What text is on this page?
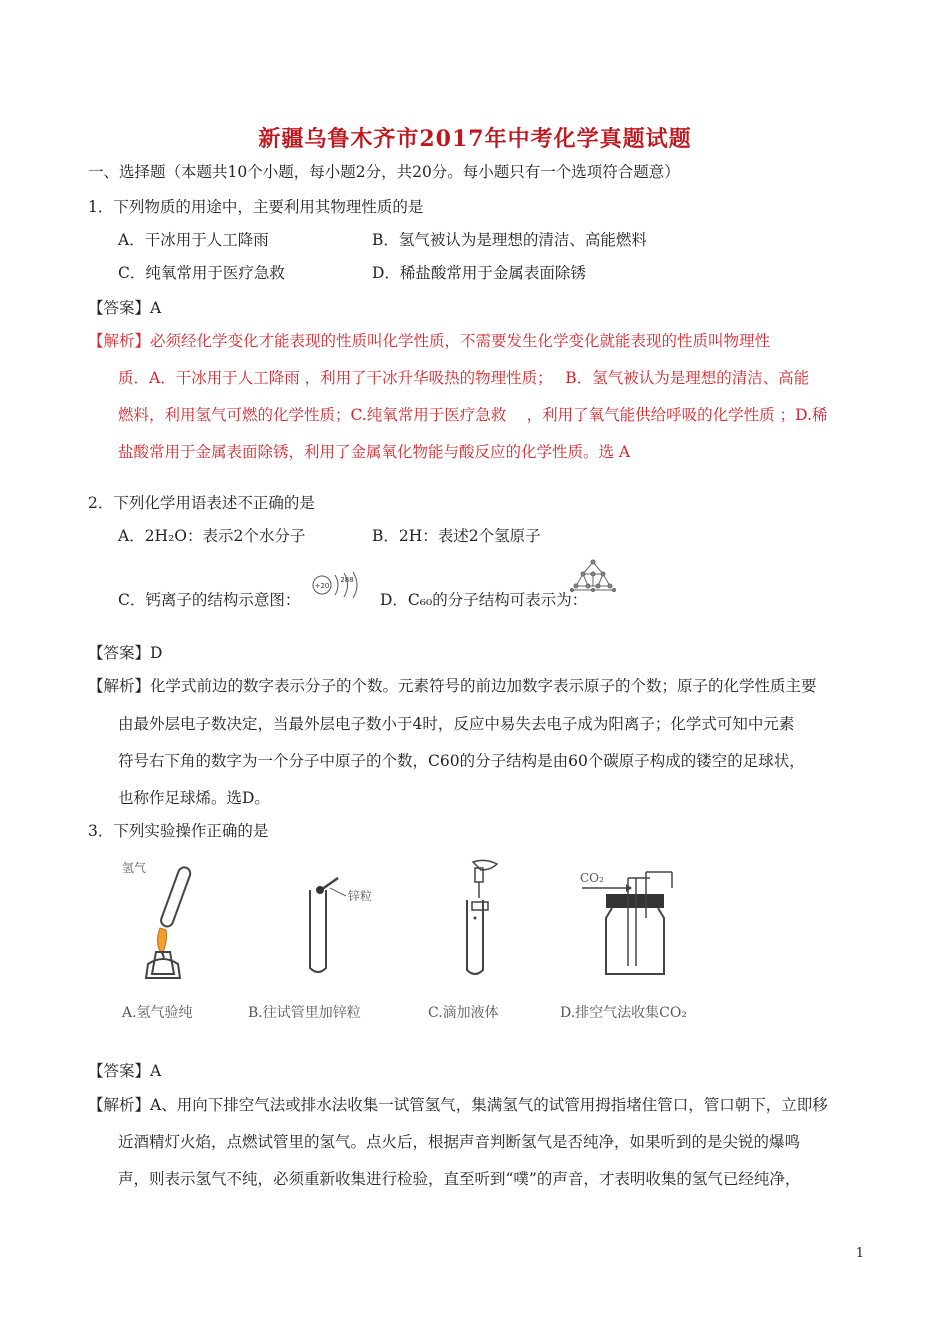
新疆乌鲁木齐市2017年中考化学真题试题
一、选择题（本题共10个小题，每小题2分，共20分。每小题只有一个选项符合题意）
1．下列物质的用途中，主要利用其物理性质的是
A．干冰用于人工降雨	B．氢气被认为是理想的清洁、高能燃料
C．纯氧常用于医疗急救	D．稀盐酸常用于金属表面除锈
【答案】A
【解析】必须经化学变化才能表现的性质叫化学性质，不需要发生化学变化就能表现的性质叫物理性
质．A．干冰用于人工降雨 ，利用了干冰升华吸热的物理性质；　 B．氢气被认为是理想的清洁、高能
燃料，利用氢气可燃的化学性质；C.纯氧常用于医疗急救　 ，利用了氧气能供给呼吸的化学性质 ；D.稀
盐酸常用于金属表面除锈，利用了金属氧化物能与酸反应的化学性质。选 A
2．下列化学用语表述不正确的是
A．2H₂O：表示2个水分子	B．2H：表述2个氢原子
C．钙离子的结构示意图：
+20
288
D．C₆₀的分子结构可表示为：
【答案】D
【解析】化学式前边的数字表示分子的个数。元素符号的前边加数字表示原子的个数；原子的化学性质主要
由最外层电子数决定，当最外层电子数小于4时，反应中易失去电子成为阳离子；化学式可知中元素
符号右下角的数字为一个分子中原子的个数，C60的分子结构是由60个碳原子构成的镂空的足球状，
也称作足球烯。选D。
3．下列实验操作正确的是
氢气
锌粒
CO₂
A.氢气验纯	B.往试管里加锌粒	C.滴加液体	D.排空气法收集CO₂
【答案】A
【解析】A、用向下排空气法或排水法收集一试管氢气，集满氢气的试管用拇指堵住管口，管口朝下，立即移
近酒精灯火焰，点燃试管里的氢气。点火后，根据声音判断氢气是否纯净，如果听到的是尖锐的爆鸣
声，则表示氢气不纯，必须重新收集进行检验，直至听到“噗”的声音，才表明收集的氢气已经纯净，
1
